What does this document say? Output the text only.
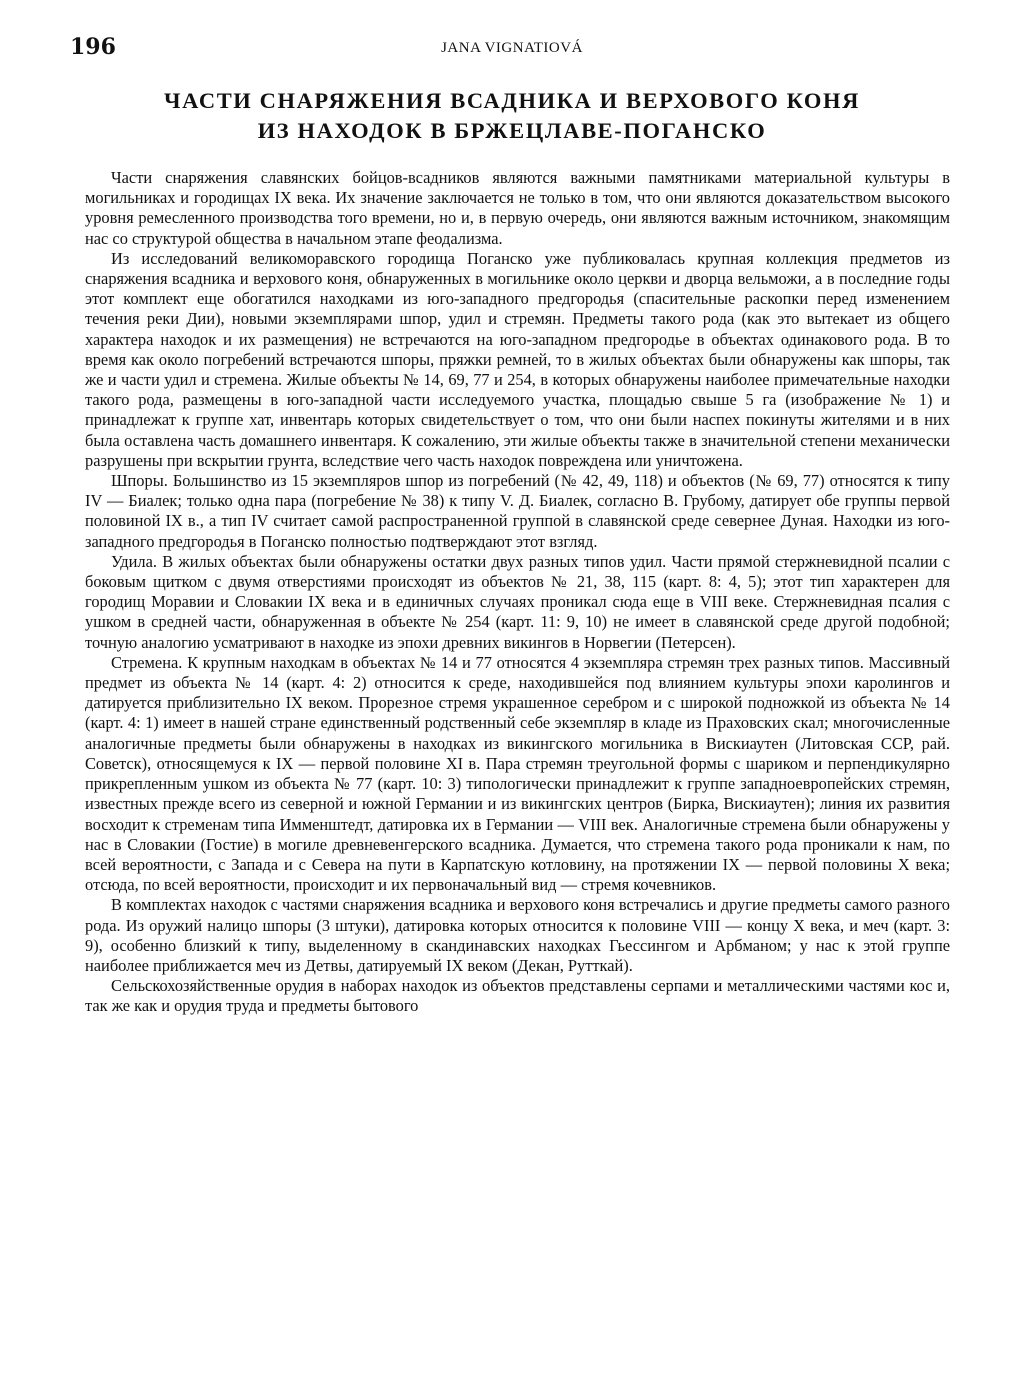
196	JANA VIGNATIOVÁ
ЧАСТИ СНАРЯЖЕНИЯ ВСАДНИКА И ВЕРХОВОГО КОНЯ
ИЗ НАХОДОК В БРЖЕЦЛАВЕ-ПОГАНСКО

Части снаряжения славянских бойцов-всадников являются важными памятниками материальной культуры в могильниках и городищах IX века. Их значение заключается не только в том, что они являются доказательством высокого уровня ремесленного производства того времени, но и, в первую очередь, они являются важным источником, знакомящим нас со структурой общества в начальном этапе феодализма.

Из исследований великоморавского городища Поганско уже публиковалась крупная коллекция предметов из снаряжения всадника и верхового коня, обнаруженных в могильнике около церкви и дворца вельможи, а в последние годы этот комплект еще обогатился находками из юго-западного предгородья (спасительные раскопки перед изменением течения реки Дии), новыми экземплярами шпор, удил и стремян. Предметы такого рода (как это вытекает из общего характера находок и их размещения) не встречаются на юго-западном предгородье в объектах одинакового рода. В то время как около погребений встречаются шпоры, пряжки ремней, то в жилых объектах были обнаружены как шпоры, так же и части удил и стремена. Жилые объекты № 14, 69, 77 и 254, в которых обнаружены наиболее примечательные находки такого рода, размещены в юго-западной части исследуемого участка, площадью свыше 5 га (изображение № 1) и принадлежат к группе хат, инвентарь которых свидетельствует о том, что они были наспех покинуты жителями и в них была оставлена часть домашнего инвентаря. К сожалению, эти жилые объекты также в значительной степени механически разрушены при вскрытии грунта, вследствие чего часть находок повреждена или уничтожена.

Шпоры. Большинство из 15 экземпляров шпор из погребений (№ 42, 49, 118) и объектов (№ 69, 77) относятся к типу IV — Биалек; только одна пара (погребение № 38) к типу V. Д. Биалек, согласно В. Грубому, датирует обе группы первой половиной IX в., а тип IV считает самой распространенной группой в славянской среде севернее Дуная. Находки из юго-западного предгородья в Поганско полностью подтверждают этот взгляд.

Удила. В жилых объектах были обнаружены остатки двух разных типов удил. Части прямой стержневидной псалии с боковым щитком с двумя отверстиями происходят из объектов № 21, 38, 115 (карт. 8: 4, 5); этот тип характерен для городищ Моравии и Словакии IX века и в единичных случаях проникал сюда еще в VIII веке. Стержневидная псалия с ушком в средней части, обнаруженная в объекте № 254 (карт. 11: 9, 10) не имеет в славянской среде другой подобной; точную аналогию усматривают в находке из эпохи древних викингов в Норвегии (Петерсен).

Стремена. К крупным находкам в объектах № 14 и 77 относятся 4 экземпляра стремян трех разных типов. Массивный предмет из объекта № 14 (карт. 4: 2) относится к среде, находившейся под влиянием культуры эпохи каролингов и датируется приблизительно IX веком. Прорезное стремя украшенное серебром и с широкой подножкой из объекта № 14 (карт. 4: 1) имеет в нашей стране единственный родственный себе экземпляр в кладе из Праховских скал; многочисленные аналогичные предметы были обнаружены в находках из викингского могильника в Вискиаутен (Литовская ССР, рай. Советск), относящемуся к IX — первой половине XI в. Пара стремян треугольной формы с шариком и перпендикулярно прикрепленным ушком из объекта № 77 (карт. 10: 3) типологически принадлежит к группе западноевропейских стремян, известных прежде всего из северной и южной Германии и из викингских центров (Бирка, Вискиаутен); линия их развития восходит к стременам типа Имменштедт, датировка их в Германии — VIII век. Аналогичные стремена были обнаружены у нас в Словакии (Гостие) в могиле древневенгерского всадника. Думается, что стремена такого рода проникали к нам, по всей вероятности, с Запада и с Севера на пути в Карпатскую котловину, на протяжении IX — первой половины X века; отсюда, по всей вероятности, происходит и их первоначальный вид — стремя кочевников.

В комплектах находок с частями снаряжения всадника и верхового коня встречались и другие предметы самого разного рода. Из оружий налицо шпоры (3 штуки), датировка которых относится к половине VIII — концу X века, и меч (карт. 3: 9), особенно близкий к типу, выделенному в скандинавских находках Гьессингом и Арбманом; у нас к этой группе наиболее приближается меч из Детвы, датируемый IX веком (Декан, Рутткай).

Сельскохозяйственные орудия в наборах находок из объектов представлены серпами и металлическими частями кос и, так же как и орудия труда и предметы бытового
